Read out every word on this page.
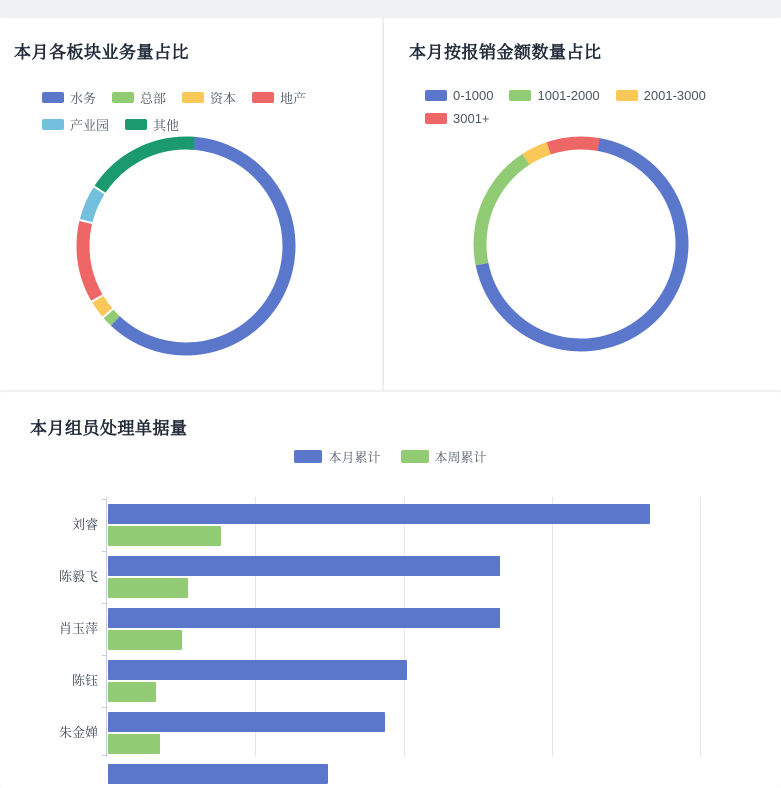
本月各板块业务量占比
水务	总部	资本	地产
产业园	其他
本月按报销金额数量占比
0-1000	1001-2000	2001-3000
3001+
本月组员处理单据量
本月累计	本周累计
刘睿
陈毅飞
肖玉萍
陈钰
朱金婵
